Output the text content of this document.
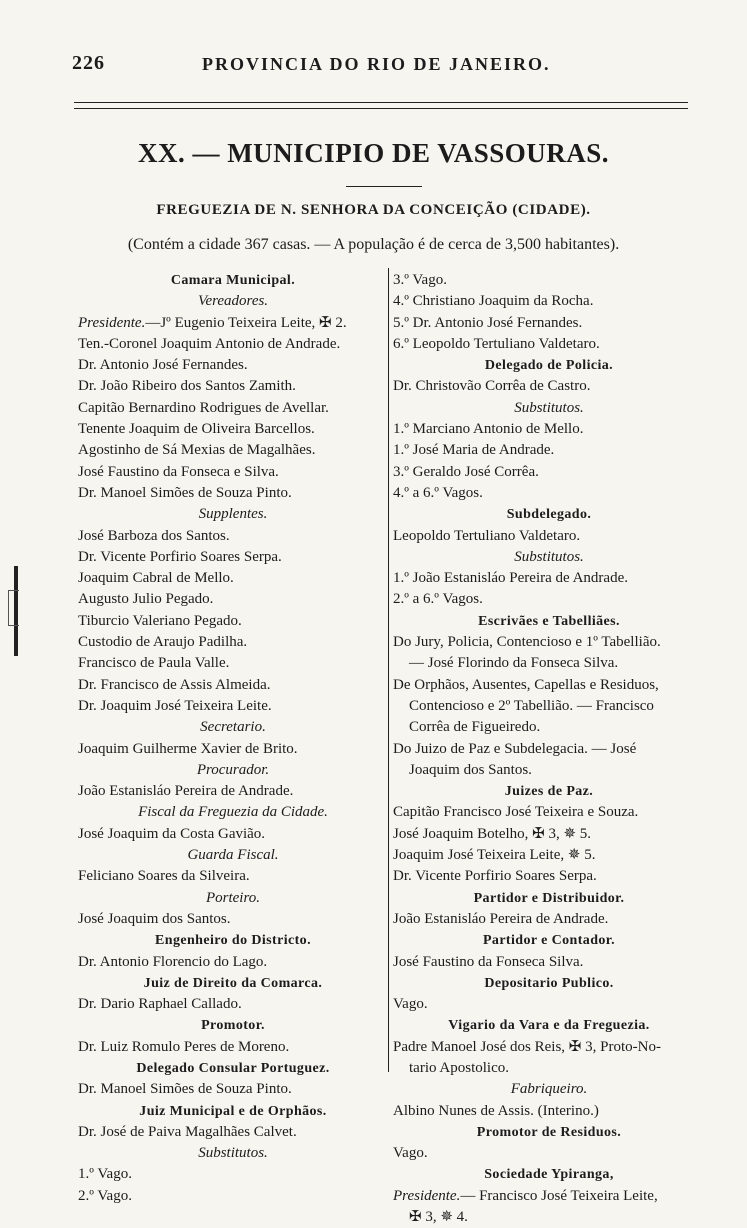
226	PROVINCIA DO RIO DE JANEIRO.
XX. — MUNICIPIO DE VASSOURAS.
FREGUEZIA DE N. SENHORA DA CONCEIÇÃO (CIDADE).
(Contém a cidade 367 casas. — A população é de cerca de 3,500 habitantes).
Camara Municipal.
Vereadores.
Presidente.—Jº Eugenio Teixeira Leite, ✠ 2.
Ten.-Coronel Joaquim Antonio de Andrade.
Dr. Antonio José Fernandes.
Dr. João Ribeiro dos Santos Zamith.
Capitão Bernardino Rodrigues de Avellar.
Tenente Joaquim de Oliveira Barcellos.
Agostinho de Sá Mexias de Magalhães.
José Faustino da Fonseca e Silva.
Dr. Manoel Simões de Souza Pinto.
Supplentes.
José Barboza dos Santos.
Dr. Vicente Porfirio Soares Serpa.
Joaquim Cabral de Mello.
Augusto Julio Pegado.
Tiburcio Valeriano Pegado.
Custodio de Araujo Padilha.
Francisco de Paula Valle.
Dr. Francisco de Assis Almeida.
Dr. Joaquim José Teixeira Leite.
Secretario.
Joaquim Guilherme Xavier de Brito.
Procurador.
João Estanisláo Pereira de Andrade.
Fiscal da Freguezia da Cidade.
José Joaquim da Costa Gavião.
Guarda Fiscal.
Feliciano Soares da Silveira.
Porteiro.
José Joaquim dos Santos.
Engenheiro do Districto.
Dr. Antonio Florencio do Lago.
Juiz de Direito da Comarca.
Dr. Dario Raphael Callado.
Promotor.
Dr. Luiz Romulo Peres de Moreno.
Delegado Consular Portuguez.
Dr. Manoel Simões de Souza Pinto.
Juiz Municipal e de Orphãos.
Dr. José de Paiva Magalhães Calvet.
Substitutos.
1.º Vago.
2.º Vago.
3.º Vago.
4.º Christiano Joaquim da Rocha.
5.º Dr. Antonio José Fernandes.
6.º Leopoldo Tertuliano Valdetaro.
Delegado de Policia.
Dr. Christovão Corrêa de Castro.
Substitutos.
1.º Marciano Antonio de Mello.
1.º José Maria de Andrade.
3.º Geraldo José Corrêa.
4.º a 6.º Vagos.
Subdelegado.
Leopoldo Tertuliano Valdetaro.
Substitutos.
1.º João Estanisláo Pereira de Andrade.
2.º a 6.º Vagos.
Escrivães e Tabelliães.
Do Jury, Policia, Contencioso e 1º Tabellião.
— José Florindo da Fonseca Silva.
De Orphãos, Ausentes, Capellas e Residuos,
Contencioso e 2º Tabellião. — Francisco
Corrêa de Figueiredo.
Do Juizo de Paz e Subdelegacia. — José
Joaquim dos Santos.
Juizes de Paz.
Capitão Francisco José Teixeira e Souza.
José Joaquim Botelho, ✠ 3, ✵ 5.
Joaquim José Teixeira Leite, ✵ 5.
Dr. Vicente Porfirio Soares Serpa.
Partidor e Distribuidor.
João Estanisláo Pereira de Andrade.
Partidor e Contador.
José Faustino da Fonseca Silva.
Depositario Publico.
Vago.
Vigario da Vara e da Freguezia.
Padre Manoel José dos Reis, ✠ 3, Proto-No-
tario Apostolico.
Fabriqueiro.
Albino Nunes de Assis. (Interino.)
Promotor de Residuos.
Vago.
Sociedade Ypiranga,
Presidente.— Francisco José Teixeira Leite,
✠ 3, ✵ 4.
